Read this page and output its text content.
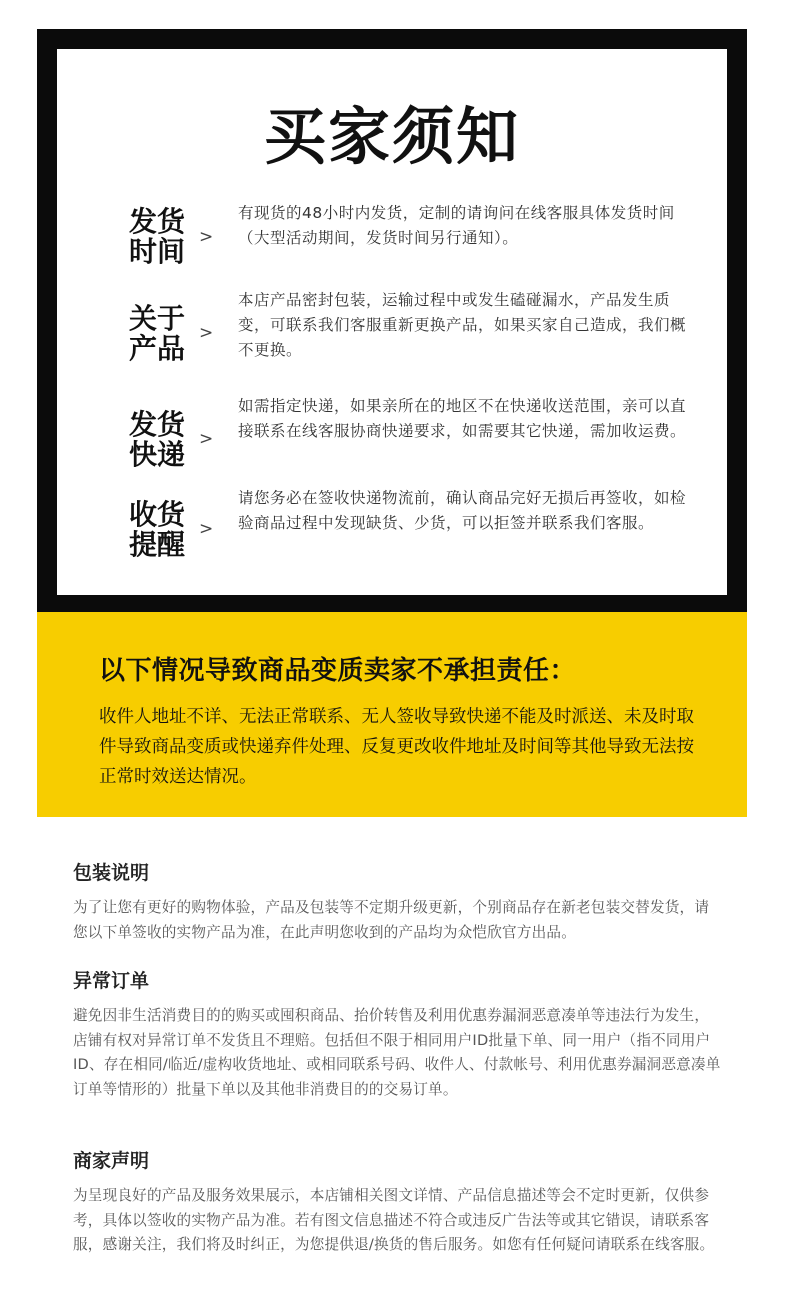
买家须知
发货
时间 >
有现货的48小时内发货，定制的请询问在线客服具体发货时间（大型活动期间，发货时间另行通知）。
关于
产品 >
本店产品密封包装，运输过程中或发生磕碰漏水，产品发生质变，可联系我们客服重新更换产品，如果买家自己造成，我们概不更换。
发货
快递 >
如需指定快递，如果亲所在的地区不在快递收送范围，亲可以直接联系在线客服协商快递要求，如需要其它快递，需加收运费。
收货
提醒 >
请您务必在签收快递物流前，确认商品完好无损后再签收，如检验商品过程中发现缺货、少货，可以拒签并联系我们客服。
以下情况导致商品变质卖家不承担责任：
收件人地址不详、无法正常联系、无人签收导致快递不能及时派送、未及时取件导致商品变质或快递弃件处理、反复更改收件地址及时间等其他导致无法按正常时效送达情况。
包装说明
为了让您有更好的购物体验，产品及包装等不定期升级更新，个别商品存在新老包装交替发货，请您以下单签收的实物产品为准，在此声明您收到的产品均为众恺欣官方出品。
异常订单
避免因非生活消费目的的购买或囤积商品、抬价转售及利用优惠券漏洞恶意凑单等违法行为发生，店铺有权对异常订单不发货且不理赔。包括但不限于相同用户ID批量下单、同一用户（指不同用户ID、存在相同/临近/虚构收货地址、或相同联系号码、收件人、付款帐号、利用优惠券漏洞恶意凑单订单等情形的）批量下单以及其他非消费目的的交易订单。
商家声明
为呈现良好的产品及服务效果展示，本店铺相关图文详情、产品信息描述等会不定时更新，仅供参考，具体以签收的实物产品为准。若有图文信息描述不符合或违反广告法等或其它错误，请联系客服，感谢关注，我们将及时纠正，为您提供退/换货的售后服务。如您有任何疑问请联系在线客服。
